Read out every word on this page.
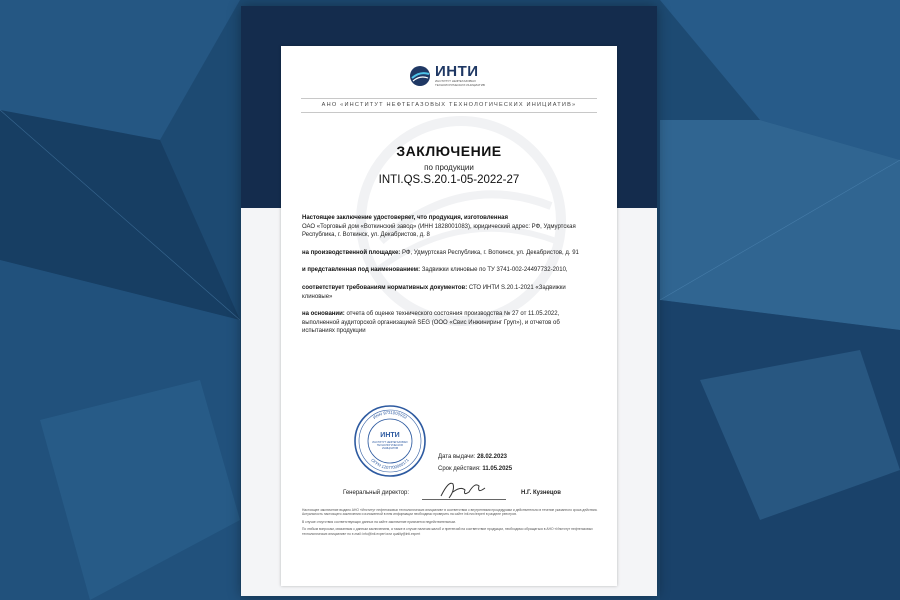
ИНТИ
ИНСТИТУТ НЕФТЕГАЗОВЫХ ТЕХНОЛОГИЧЕСКИХ ИНИЦИАТИВ
АНО «ИНСТИТУТ НЕФТЕГАЗОВЫХ ТЕХНОЛОГИЧЕСКИХ ИНИЦИАТИВ»
ЗАКЛЮЧЕНИЕ
по продукции
INTI.QS.S.20.1-05-2022-27

Настоящее заключение удостоверяет, что продукция, изготовленная
ОАО «Торговый дом «Воткинский завод» (ИНН 1828001083), юридический адрес: РФ, Удмуртская Республика, г. Воткинск, ул. Декабристов, д. 8

на производственной площадке: РФ, Удмуртская Республика, г. Воткинск, ул. Декабристов, д. 91

и представленная под наименованием: Задвижки клиновые по ТУ 3741-002-24497732-2010,

соответствует требованиям нормативных документов: СТО ИНТИ S.20.1-2021 «Задвижки клиновые»

на основании: отчета об оценке технического состояния производства № 27 от 11.05.2022, выполненной аудиторской организацией SEG (ООО «Свис Инжиниринг Груп»), и отчетов об испытаниях продукции

ИНН 9731000932
ОГРН 1207700000171
ИНТИ
ИНСТИТУТ НЕФТЕГАЗОВЫХ
ТЕХНОЛОГИЧЕСКИХ
ИНИЦИАТИВ
Дата выдачи: 28.02.2023
Срок действия: 11.05.2025
Генеральный директор:	Н.Г. Кузнецов

Настоящее заключение выдано АНО «Институт нефтегазовых технологических инициатив» в соответствии с внутренними процедурами и действительно в течение указанного срока действия. Актуальность настоящего заключения и изложенной в нем информации необходимо проверить на сайте inti.rsrc/expert в разделе реестров.

В случае отсутствия соответствующих данных на сайте заключение признается недействительным.

По любым вопросам, связанным с данным заключением, а также в случае наличия жалоб и претензий на соответствие продукции, необходимо обращаться в АНО «Институт нефтегазовых технологических инициатив» по e-mail: info@inti.expert или quality@inti.expert
